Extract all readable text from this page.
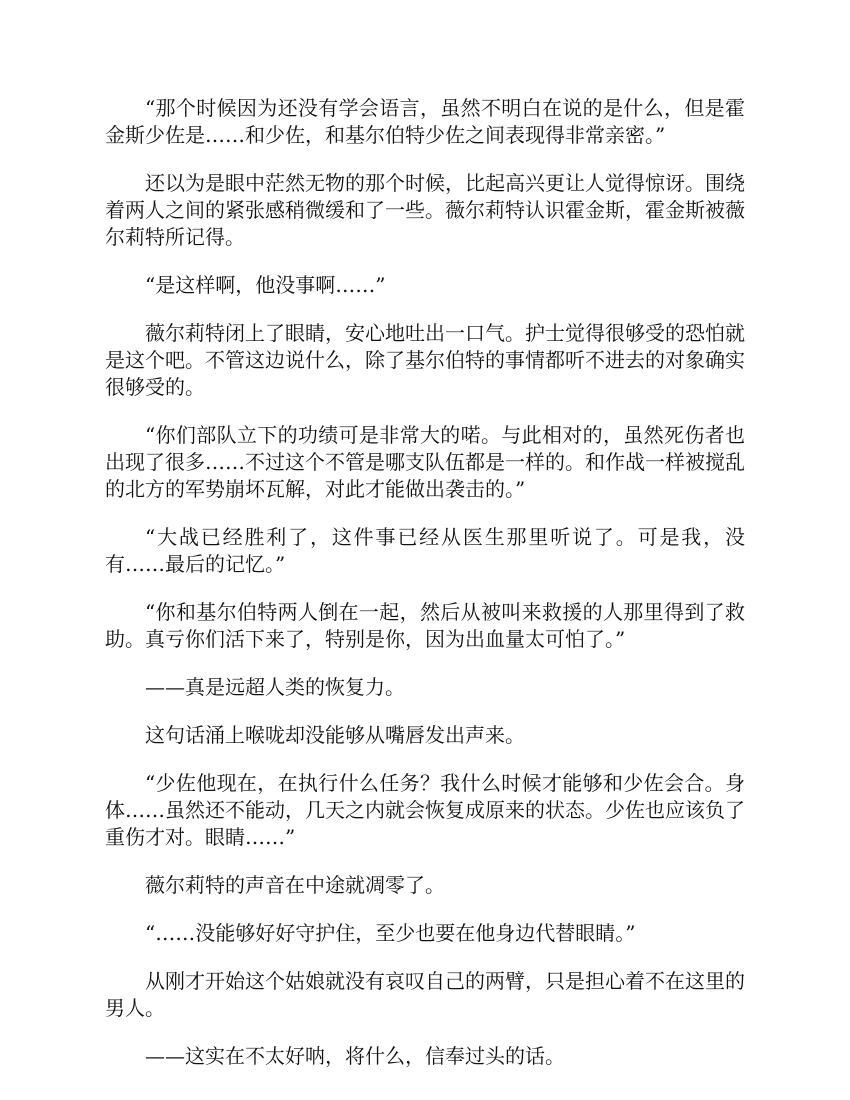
“那个时候因为还没有学会语言，虽然不明白在说的是什么，但是霍金斯少佐是……和少佐，和基尔伯特少佐之间表现得非常亲密。”

还以为是眼中茫然无物的那个时候，比起高兴更让人觉得惊讶。围绕着两人之间的紧张感稍微缓和了一些。薇尔莉特认识霍金斯，霍金斯被薇尔莉特所记得。

“是这样啊，他没事啊……”

薇尔莉特闭上了眼睛，安心地吐出一口气。护士觉得很够受的恐怕就是这个吧。不管这边说什么，除了基尔伯特的事情都听不进去的对象确实很够受的。

“你们部队立下的功绩可是非常大的喏。与此相对的，虽然死伤者也出现了很多……不过这个不管是哪支队伍都是一样的。和作战一样被搅乱的北方的军势崩坏瓦解，对此才能做出袭击的。”

“大战已经胜利了，这件事已经从医生那里听说了。可是我，没有……最后的记忆。”

“你和基尔伯特两人倒在一起，然后从被叫来救援的人那里得到了救助。真亏你们活下来了，特别是你，因为出血量太可怕了。”

——真是远超人类的恢复力。

这句话涌上喉咙却没能够从嘴唇发出声来。

“少佐他现在，在执行什么任务？我什么时候才能够和少佐会合。身体……虽然还不能动，几天之内就会恢复成原来的状态。少佐也应该负了重伤才对。眼睛……”

薇尔莉特的声音在中途就凋零了。

“……没能够好好守护住，至少也要在他身边代替眼睛。”

从刚才开始这个姑娘就没有哀叹自己的两臂，只是担心着不在这里的男人。

——这实在不太好呐，将什么，信奉过头的话。
